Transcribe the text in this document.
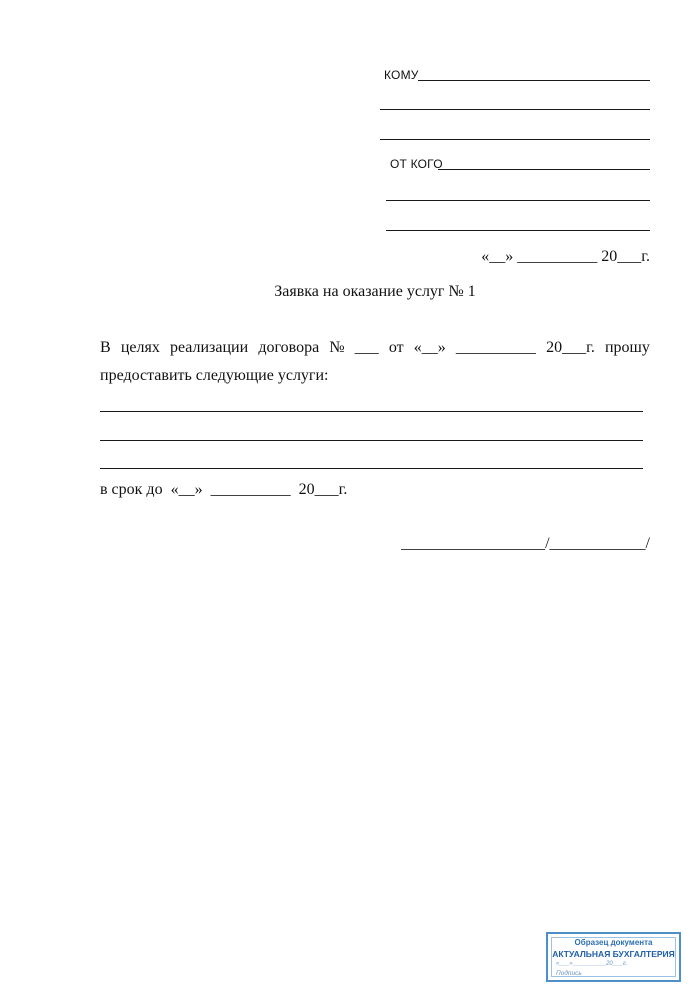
КОМУ
ОТ КОГО
«__» __________ 20___г.
Заявка на оказание услуг № 1
В целях реализации договора № ___ от «__» __________ 20___г. прошу
предоставить следующие услуги:
в срок до  «__»  __________  20___г.
__________________/____________/
Образец документа
АКТУАЛЬНАЯ БУХГАЛТЕРИЯ
«___»__________20___г.
Подпись
